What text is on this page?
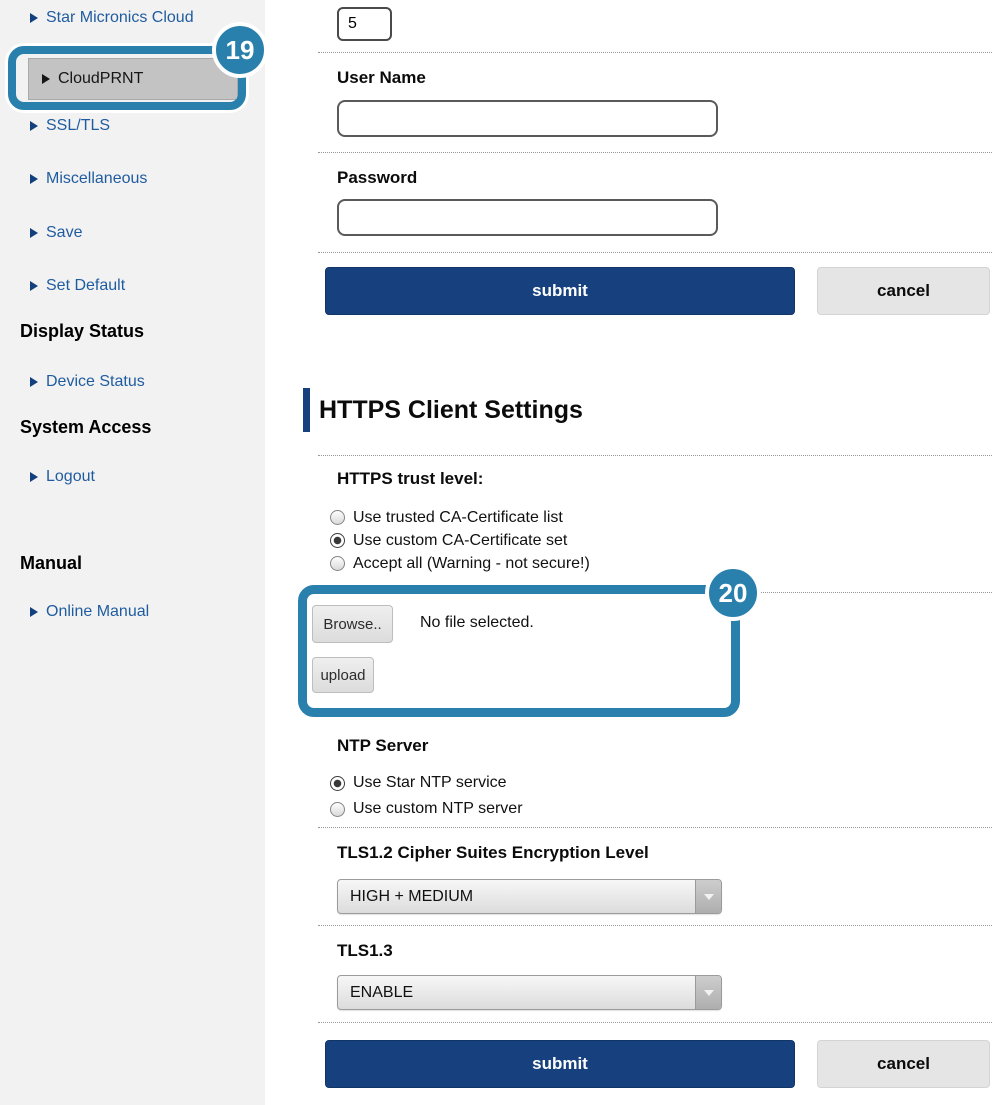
Star Micronics Cloud
CloudPRNT
SSL/TLS
Miscellaneous
Save
Set Default
Display Status
Device Status
System Access
Logout
Manual
Online Manual
19
5
User Name
Password
submit	cancel
HTTPS Client Settings
HTTPS trust level:
Use trusted CA-Certificate list
Use custom CA-Certificate set
Accept all (Warning - not secure!)
Browse..	No file selected.
upload
20
NTP Server
Use Star NTP service
Use custom NTP server
TLS1.2 Cipher Suites Encryption Level
HIGH + MEDIUM
TLS1.3
ENABLE
submit	cancel
